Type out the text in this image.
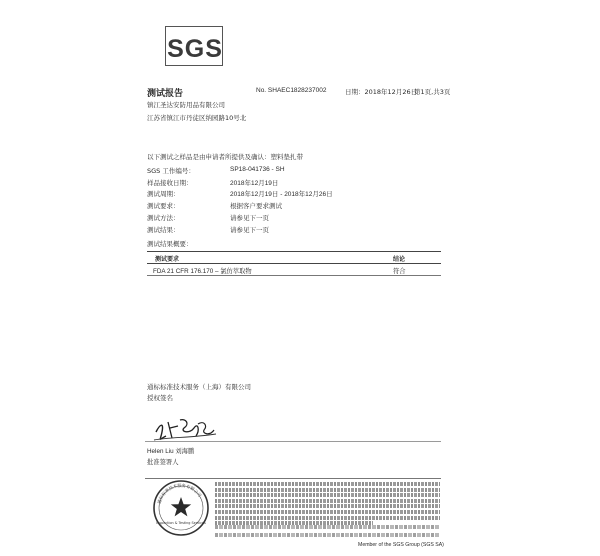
SGS
测试报告	No. SHAEC1828237002	日期：2018年12月26日
第1页,共3页
镇江圣达安防用品有限公司
江苏省镇江市丹徒区纳园路10号北
以下测试之样品是由申请者所提供及确认：塑料垫扎带
SGS 工作编号：	SP18-041736 - SH
样品接收日期：	2018年12月19日
测试周期：	2018年12月19日 - 2018年12月26日
测试要求：	根据客户要求测试
测试方法：	请参见下一页
测试结果：	请参见下一页
测试结果概要：
测试要求	结论
FDA 21 CFR 176.170 – 氯仿萃取物	符合
通标标准技术服务（上海）有限公司
授权签名
Helen Liu 刘海鹏
批准签署人
Inspection & Testing Services
通标标准技术服务有限公司
Member of the SGS Group (SGS SA)
